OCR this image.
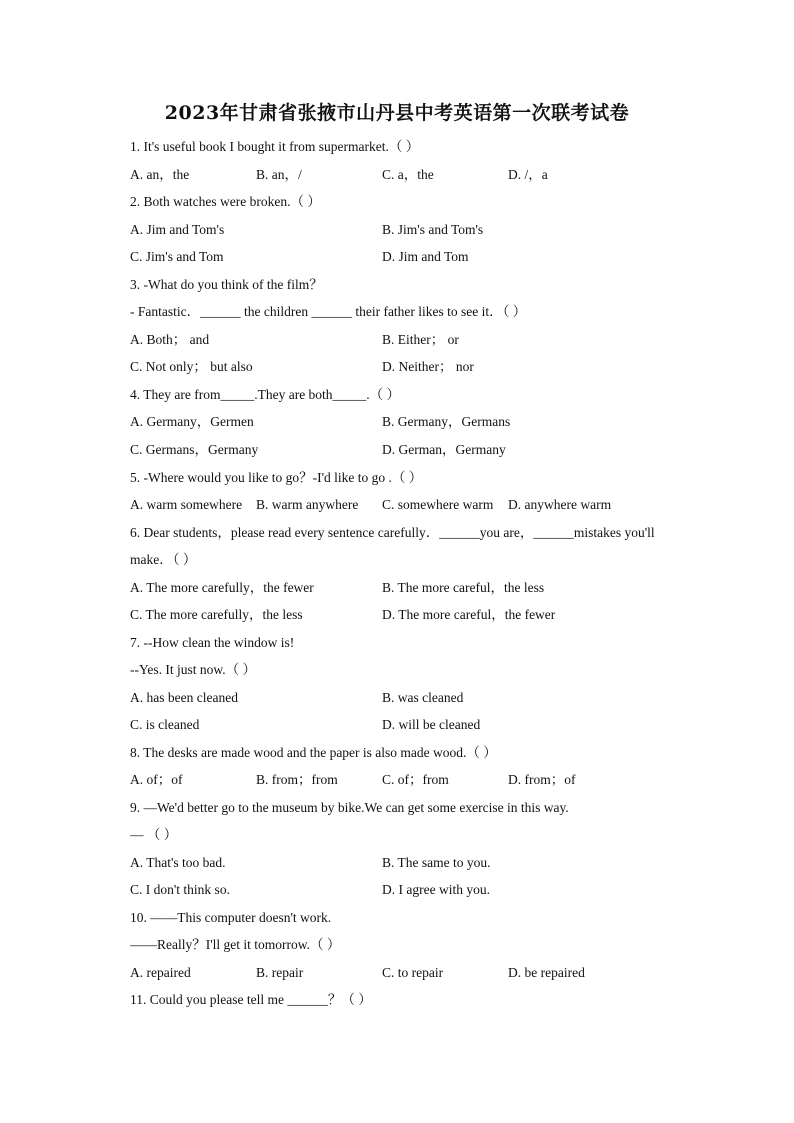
2023年甘肃省张掖市山丹县中考英语第一次联考试卷
1. It's useful book I bought it from supermarket.（ ）
A. an，the	B. an，/	C. a，the	D. /，a
2. Both watches were broken.（ ）
A. Jim and Tom's	B. Jim's and Tom's
C. Jim's and Tom	D. Jim and Tom
3. -What do you think of the film？
- Fantastic．______ the children ______ their father likes to see it．（ ）
A. Both； and	B. Either； or
C. Not only； but also	D. Neither； nor
4. They are from_____.They are both_____.（ ）
A. Germany，Germen	B. Germany，Germans
C. Germans，Germany	D. German，Germany
5. -Where would you like to go？-I'd like to go .（ ）
A. warm somewhere B. warm anywhere C. somewhere warm D. anywhere warm
6. Dear students，please read every sentence carefully．______you are，______mistakes you'll
make．（ ）
A. The more carefully，the fewer	B. The more careful，the less
C. The more carefully，the less	D. The more careful，the fewer
7. --How clean the window is!
--Yes. It just now.（ ）
A. has been cleaned	B. was cleaned
C. is cleaned	D. will be cleaned
8. The desks are made wood and the paper is also made wood.（ ）
A. of；of	B. from；from	C. of；from	D. from；of
9. —We'd better go to the museum by bike.We can get some exercise in this way.
— （ ）
A. That's too bad.	B. The same to you.
C. I don't think so.	D. I agree with you.
10. ——This computer doesn't work.
——Really？I'll get it tomorrow.（ ）
A. repaired	B. repair	C. to repair	D. be repaired
11. Could you please tell me ______？（ ）
